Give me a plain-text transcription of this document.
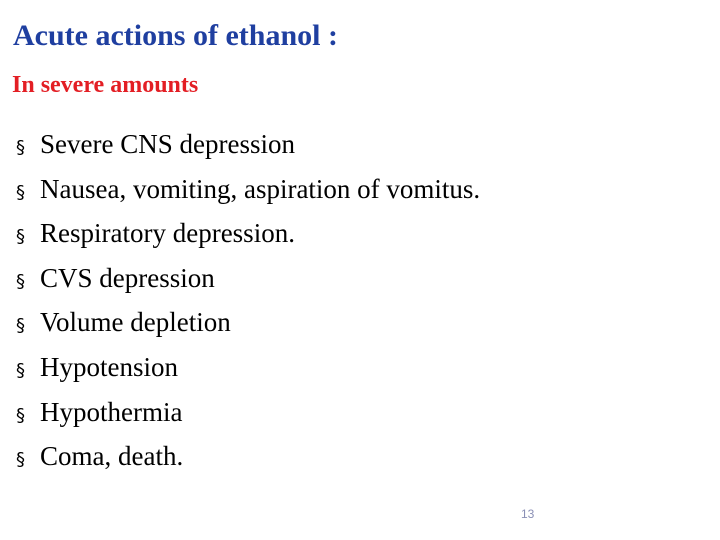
Acute actions of ethanol :
In severe amounts
§ Severe CNS depression
§ Nausea, vomiting, aspiration of vomitus.
§ Respiratory depression.
§ CVS depression
§ Volume depletion
§ Hypotension
§ Hypothermia
§ Coma, death.
13
